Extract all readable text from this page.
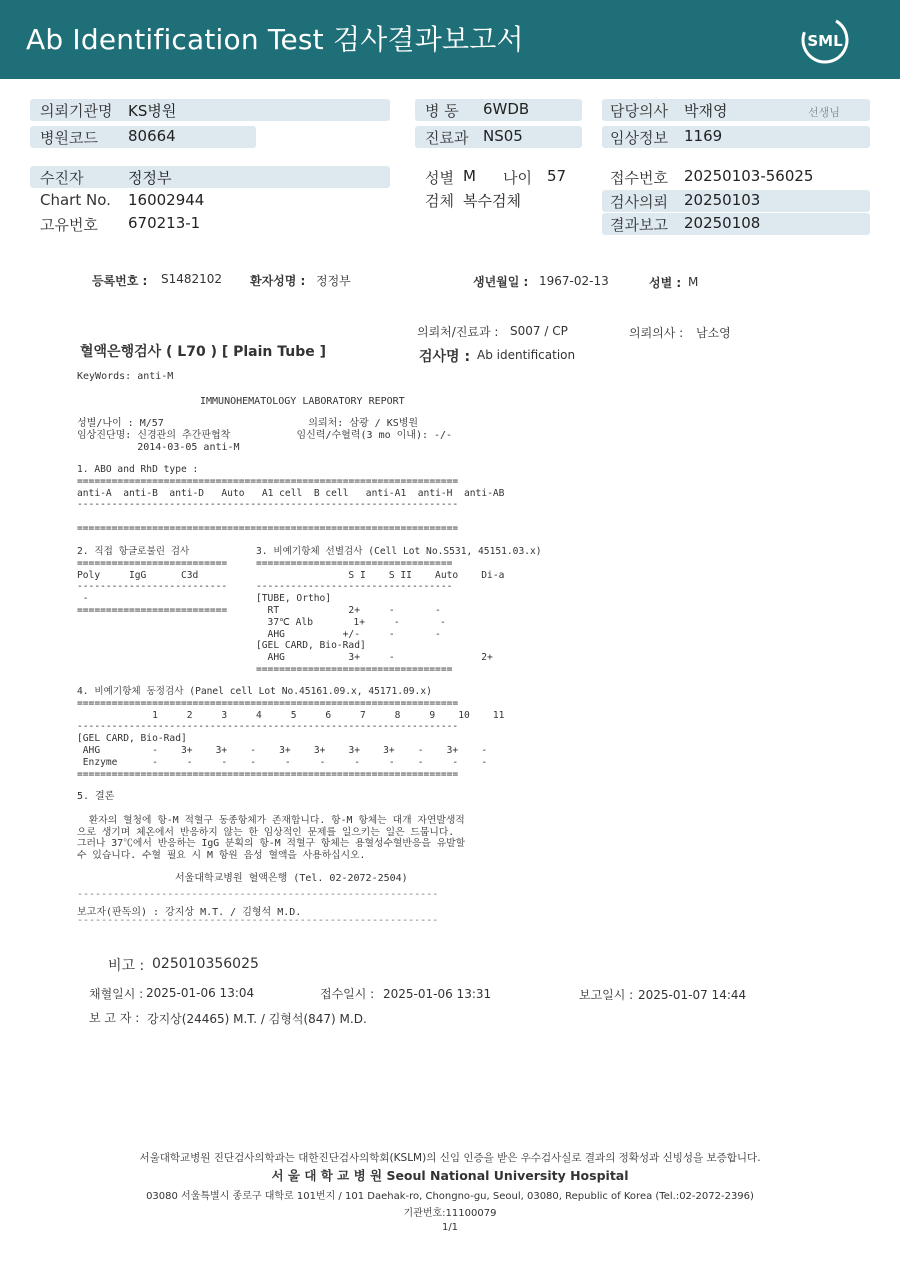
Ab Identification Test 검사결과보고서	SML
의뢰기관명 KS병원
병원코드 80664
수진자	정정부
Chart No. 16002944
고유번호 670213-1
병 동 6WDB
진료과 NS05
성별 M 나이 57
검체 복수검체
담당의사 박재영	선생님
임상정보 1169
접수번호 20250103-56025
검사의뢰 20250103
결과보고 20250108
등록번호 : S1482102 환자성명 : 정정부	생년월일 : 1967-02-13	성별 : M
의뢰처/진료과 : S007 / CP	의뢰의사 : 남소영
혈액은행검사 ( L70 ) [ Plain Tube ]	검사명 : Ab identification
KeyWords: anti-M
IMMUNOHEMATOLOGY LABORATORY REPORT
성별/나이 : M/57                        의뢰처: 삼광 / KS병원
임상진단명: 신경관의 추간판협착           임신력/수혈력(3 mo 이내): -/-
2014-03-05 anti-M
1. ABO and RhD type :
==================================================================
anti-A  anti-B  anti-D   Auto   A1 cell  B cell   anti-A1  anti-H  anti-AB
------------------------------------------------------------------

==================================================================
2. 직접 항글로불린 검사
==========================
Poly     IgG      C3d
--------------------------
-
==========================
3. 비예기항체 선별검사 (Cell Lot No.S531, 45151.03.x)
==================================
S I    S II    Auto    Di-a
----------------------------------
[TUBE, Ortho]
RT            2+     -       -
37℃ Alb       1+     -       -
AHG          +/-     -       -
[GEL CARD, Bio-Rad]
AHG           3+     -               2+
==================================
4. 비예기항체 동정검사 (Panel cell Lot No.45161.09.x, 45171.09.x)
==================================================================
1     2     3     4     5     6     7     8     9    10    11
------------------------------------------------------------------
[GEL CARD, Bio-Rad]
AHG         -    3+    3+    -    3+    3+    3+    3+    -    3+    -
Enzyme      -     -     -    -     -     -     -     -    -     -    -
==================================================================
5. 결론
환자의 혈청에 항-M 적혈구 동종항체가 존재합니다. 항-M 항체는 대개 자연발생적
으로 생기며 체온에서 반응하지 않는 한 임상적인 문제를 일으키는 일은 드뭅니다.
그러나 37℃에서 반응하는 IgG 분획의 항-M 적혈구 항체는 용혈성수혈반응을 유발할
수 있습니다. 수혈 필요 시 M 항원 음성 혈액을 사용하십시오.
서울대학교병원 혈액은행 (Tel. 02-2072-2504)
------------------------------------------------------------
보고자(판독의) : 강지상 M.T. / 김형석 M.D.
------------------------------------------------------------
비고 : 025010356025
채혈일시 : 2025-01-06 13:04	접수일시 : 2025-01-06 13:31	보고일시 : 2025-01-07 14:44
보 고 자 : 강지상(24465) M.T. / 김형석(847) M.D.
서울대학교병원 진단검사의학과는 대한진단검사의학회(KSLM)의 신임 인증을 받은 우수검사실로 결과의 정확성과 신빙성을 보증합니다.
서 울 대 학 교 병 원 Seoul National University Hospital
03080 서울특별시 종로구 대학로 101번지 / 101 Daehak-ro, Chongno-gu, Seoul, 03080, Republic of Korea (Tel.:02-2072-2396)
기관번호:11100079
1/1
